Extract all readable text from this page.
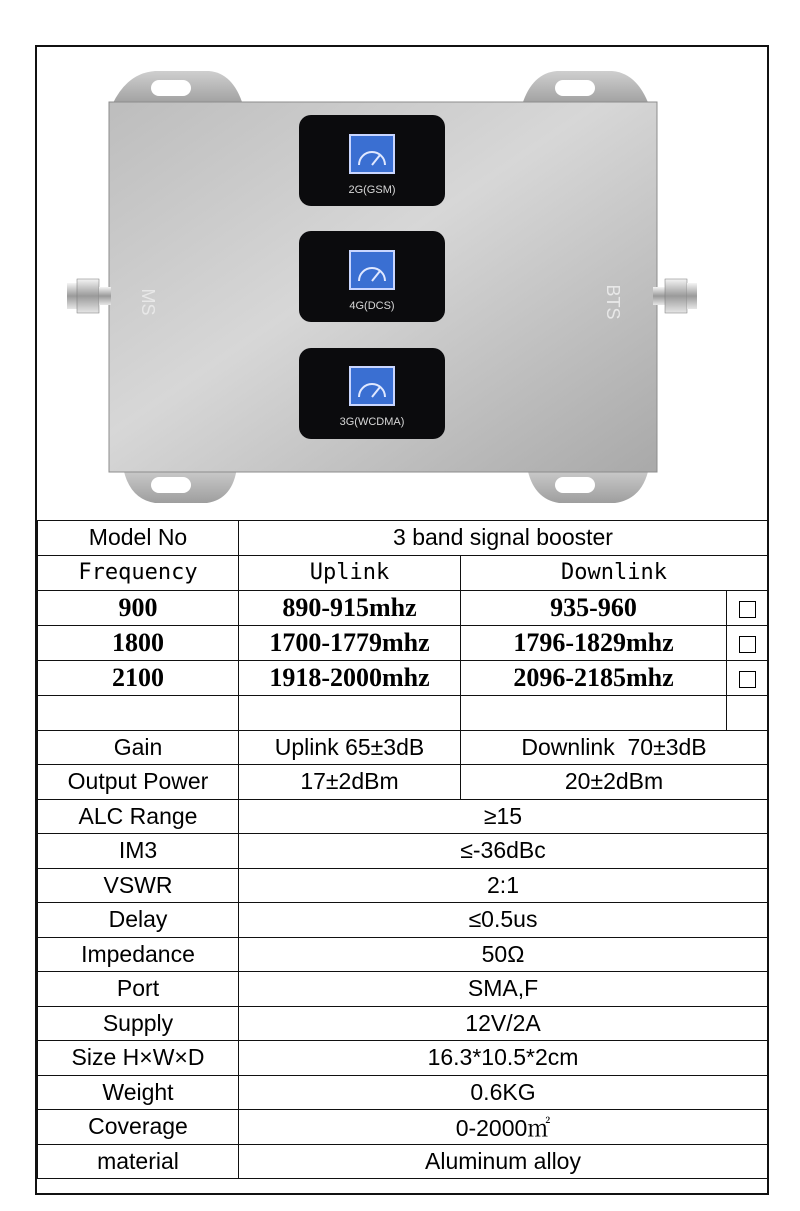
MS	BTS
2G(GSM)
4G(DCS)
3G(WCDMA)
Model No	3 band signal booster		
Frequency	Uplink	Downlink	
900	890-915mhz	935-960	
1800	1700-1779mhz	1796-1829mhz	
2100	1918-2000mhz	2096-2185mhz	

Gain	Uplink 65±3dB	Downlink  70±3dB	
Output Power	17±2dBm	20±2dBm	
ALC Range	≥15		
IM3	≤-36dBc		
VSWR	2:1		
Delay	≤0.5us		
Impedance	50Ω		
Port	SMA,F		
Supply	12V/2A		
Size H×W×D	16.3*10.5*2cm		
Weight	0.6KG		
Coverage	0-2000㎡		
material	Aluminum alloy		
